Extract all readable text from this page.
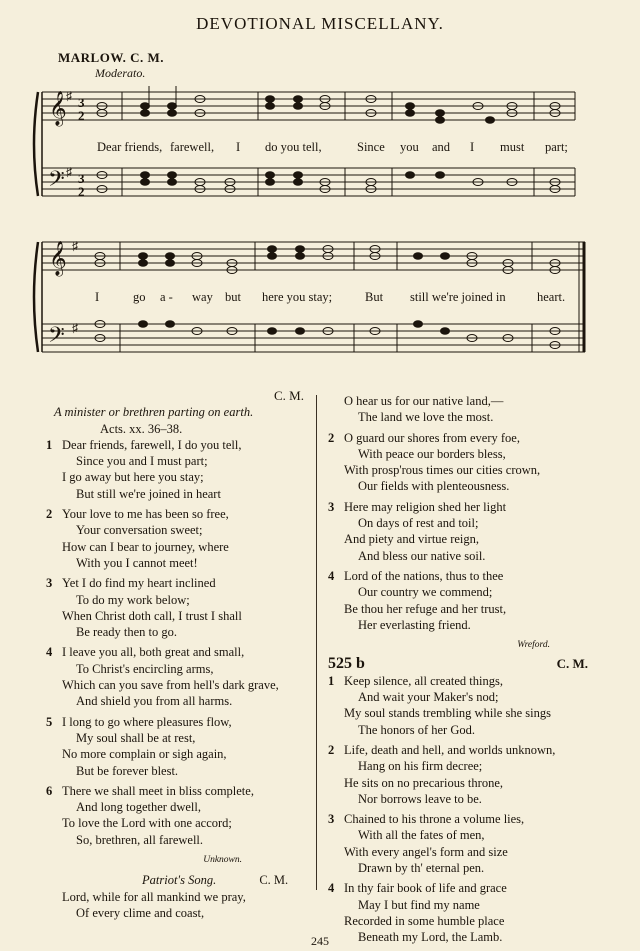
DEVOTIONAL MISCELLANY.
MARLOW. C. M.
Moderato.
𝄞
𝄢
3
2
3
2
♯
♯
Dear friends, farewell, I do you tell,	Since you and I must part;
𝄞
𝄢
♯
♯
I	go a - way but here you stay;	But still we're joined in	heart.
C. M.
A minister or brethren parting on earth.
Acts. xx. 36–38.
1 Dear friends, farewell, I do you tell,
Since you and I must part;
I go away but here you stay;
But still we're joined in heart
2 Your love to me has been so free,
Your conversation sweet;
How can I bear to journey, where
With you I cannot meet!
3 Yet I do find my heart inclined
To do my work below;
When Christ doth call, I trust I shall
Be ready then to go.
4 I leave you all, both great and small,
To Christ's encircling arms,
Which can you save from hell's dark grave,
And shield you from all harms.
5 I long to go where pleasures flow,
My soul shall be at rest,
No more complain or sigh again,
But be forever blest.
6 There we shall meet in bliss complete,
And long together dwell,
To love the Lord with one accord;
So, brethren, all farewell.
Unknown.
Patriot's Song.	C. M.
Lord, while for all mankind we pray,
Of every clime and coast,
O hear us for our native land,—
The land we love the most.
2 O guard our shores from every foe,
With peace our borders bless,
With prosp'rous times our cities crown,
Our fields with plenteousness.
3 Here may religion shed her light
On days of rest and toil;
And piety and virtue reign,
And bless our native soil.
4 Lord of the nations, thus to thee
Our country we commend;
Be thou her refuge and her trust,
Her everlasting friend.
Wreford.
525 b	C. M.
1 Keep silence, all created things,
And wait your Maker's nod;
My soul stands trembling while she sings
The honors of her God.
2 Life, death and hell, and worlds unknown,
Hang on his firm decree;
He sits on no precarious throne,
Nor borrows leave to be.
3 Chained to his throne a volume lies,
With all the fates of men,
With every angel's form and size
Drawn by th' eternal pen.
4 In thy fair book of life and grace
May I but find my name
Recorded in some humble place
Beneath my Lord, the Lamb.
245
